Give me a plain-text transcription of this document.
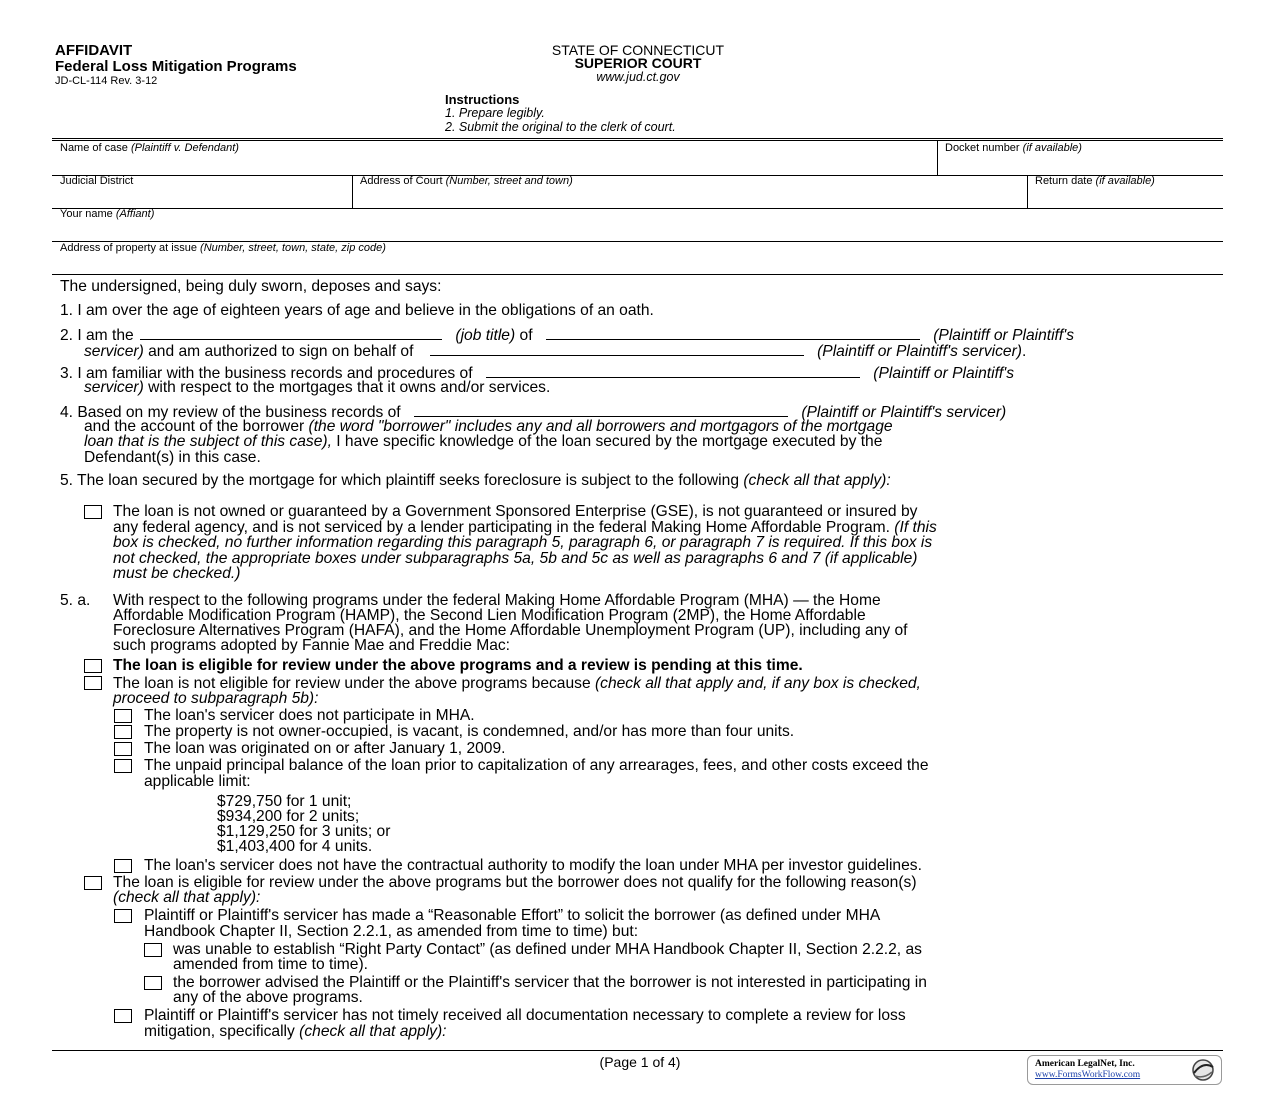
AFFIDAVIT
Federal Loss Mitigation Programs
JD-CL-114 Rev. 3-12
STATE OF CONNECTICUT
SUPERIOR COURT
www.jud.ct.gov
Instructions
1. Prepare legibly.
2. Submit the original to the clerk of court.
Name of case (Plaintiff v. Defendant)	Docket number (if available)
Judicial District	Address of Court (Number, street and town)	Return date (if available)
Your name (Affiant)
Address of property at issue (Number, street, town, state, zip code)
The undersigned, being duly sworn, deposes and says:
1. I am over the age of eighteen years of age and believe in the obligations of an oath.
2. I am the	(job title) of	(Plaintiff or Plaintiff's
servicer) and am authorized to sign on behalf of	(Plaintiff or Plaintiff's servicer).
3. I am familiar with the business records and procedures of	(Plaintiff or Plaintiff's
servicer) with respect to the mortgages that it owns and/or services.
4. Based on my review of the business records of	(Plaintiff or Plaintiff's servicer)
and the account of the borrower (the word "borrower" includes any and all borrowers and mortgagors of the mortgage
loan that is the subject of this case), I have specific knowledge of the loan secured by the mortgage executed by the
Defendant(s) in this case.
5. The loan secured by the mortgage for which plaintiff seeks foreclosure is subject to the following (check all that apply):
The loan is not owned or guaranteed by a Government Sponsored Enterprise (GSE), is not guaranteed or insured by
any federal agency, and is not serviced by a lender participating in the federal Making Home Affordable Program. (If this
box is checked, no further information regarding this paragraph 5, paragraph 6, or paragraph 7 is required. If this box is
not checked, the appropriate boxes under subparagraphs 5a, 5b and 5c as well as paragraphs 6 and 7 (if applicable)
must be checked.)
5. a. With respect to the following programs under the federal Making Home Affordable Program (MHA) — the Home
Affordable Modification Program (HAMP), the Second Lien Modification Program (2MP), the Home Affordable
Foreclosure Alternatives Program (HAFA), and the Home Affordable Unemployment Program (UP), including any of
such programs adopted by Fannie Mae and Freddie Mac:
The loan is eligible for review under the above programs and a review is pending at this time.
The loan is not eligible for review under the above programs because (check all that apply and, if any box is checked,
proceed to subparagraph 5b):
The loan's servicer does not participate in MHA.
The property is not owner-occupied, is vacant, is condemned, and/or has more than four units.
The loan was originated on or after January 1, 2009.
The unpaid principal balance of the loan prior to capitalization of any arrearages, fees, and other costs exceed the
applicable limit:
$729,750 for 1 unit;
$934,200 for 2 units;
$1,129,250 for 3 units; or
$1,403,400 for 4 units.
The loan's servicer does not have the contractual authority to modify the loan under MHA per investor guidelines.
The loan is eligible for review under the above programs but the borrower does not qualify for the following reason(s)
(check all that apply):
Plaintiff or Plaintiff's servicer has made a “Reasonable Effort” to solicit the borrower (as defined under MHA
Handbook Chapter II, Section 2.2.1, as amended from time to time) but:
was unable to establish “Right Party Contact” (as defined under MHA Handbook Chapter II, Section 2.2.2, as
amended from time to time).
the borrower advised the Plaintiff or the Plaintiff's servicer that the borrower is not interested in participating in
any of the above programs.
Plaintiff or Plaintiff's servicer has not timely received all documentation necessary to complete a review for loss
mitigation, specifically (check all that apply):
(Page 1 of 4)	American LegalNet, Inc.
www.FormsWorkFlow.com
